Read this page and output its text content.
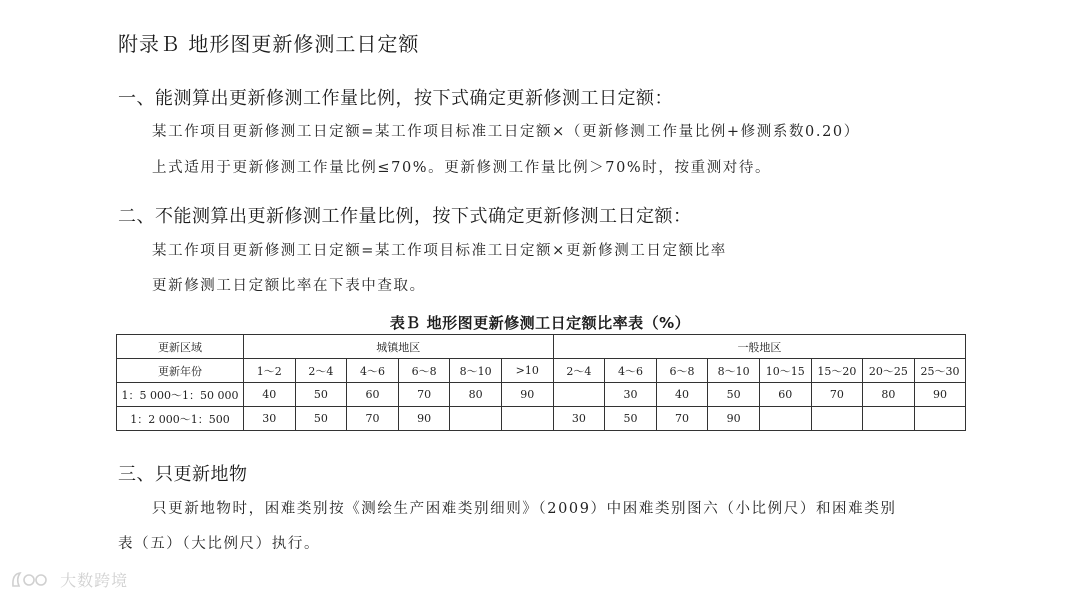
附录Ｂ 地形图更新修测工日定额
一、能测算出更新修测工作量比例，按下式确定更新修测工日定额：
某工作项目更新修测工日定额=某工作项目标准工日定额×（更新修测工作量比例+修测系数0.20）
上式适用于更新修测工作量比例≤70%。更新修测工作量比例＞70%时，按重测对待。
二、不能测算出更新修测工作量比例，按下式确定更新修测工日定额：
某工作项目更新修测工日定额=某工作项目标准工日定额×更新修测工日定额比率
更新修测工日定额比率在下表中查取。
表Ｂ 地形图更新修测工日定额比率表（%）
更新区域	城镇地区						一般地区							
更新年份	1～2	2～4	4～6	6～8	8～10	>10	2～4	4～6	6～8	8～10	10～15	15～20	20～25	25～30
1：5 000～1：50 000	40	50	60	70	80	90		30	40	50	60	70	80	90
1：2 000～1：500	30	50	70	90			30	50	70	90				
三、只更新地物
只更新地物时，困难类别按《测绘生产困难类别细则》（2009）中困难类别图六（小比例尺）和困难类别
表（五）（大比例尺）执行。
大数跨境
